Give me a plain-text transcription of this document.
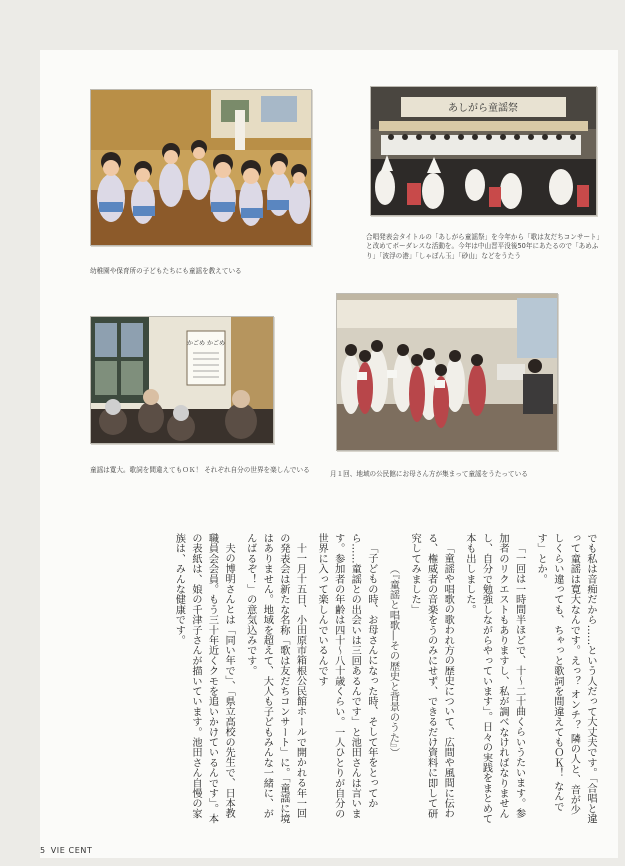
幼稚園や保育所の子どもたちにも童謡を教えている

あしがら童謡祭

合唱発表会タイトルの「あしがら童謡祭」を今年から「歌は友だちコンサート」と改めてボーダレスな活動を。今年は中山晋平没後50年にあたるので「あめふり」「波浮の港」「しゃぼん玉」「砂山」などをうたう

かごめ かごめ

童謡は寛大。歌詞を間違えてもＯＫ！ それぞれ自分の世界を楽しんでいる	月１回、地域の公民館にお母さん方が集まって童謡をうたっている

でも私は音痴だから……という人だって大丈夫です。「合唱と違って童謡は寛大なんです。えっ？ オンチ？ 隣の人と、音が少しくらい違っても、ちゃっと歌詞を間違えてもＯＫ！ なんです」とか。

「一回は一時間半ほどで、十～二十曲くらいうたいます。参加者のリクエストもありますし、私が調べなければなりませんし、自分で勉強しながらやっています」。日々の実践をまとめて本も出しました。

「童謡や唱歌の歌われ方の歴史について、広間や風間に伝わる、権威者の音楽をうのみにせず、できるだけ資料に即して研究してみました」

（『童謡と唱歌―その歴史と背景のうた』）

「子どもの時、お母さんになった時、そして年をとってから……童謡との出会いは三回あるんです」と池田さんは言います。参加者の年齢は四十～八十歳くらい。一人ひとりが自分の世界に入って楽しんでいるんです

十一月十五日、小田原市箱根公民館ホールで開かれる年一回の発表会は新たな名称「歌は友だちコンサート」に。「童謡に境はありません。地域を超えて、大人も子どもみんな一緒に、がんばるぞ！」の意気込みです。

夫の博明さんとは「同い年で」、「県立高校の先生で、日本教職員会会員。もう三十年近くクモを追いかけているんです」。本の表紙は、娘の千津子さんが描いています。池田さん自慢の家族は、みんな健康です。

5 VIE CENT
